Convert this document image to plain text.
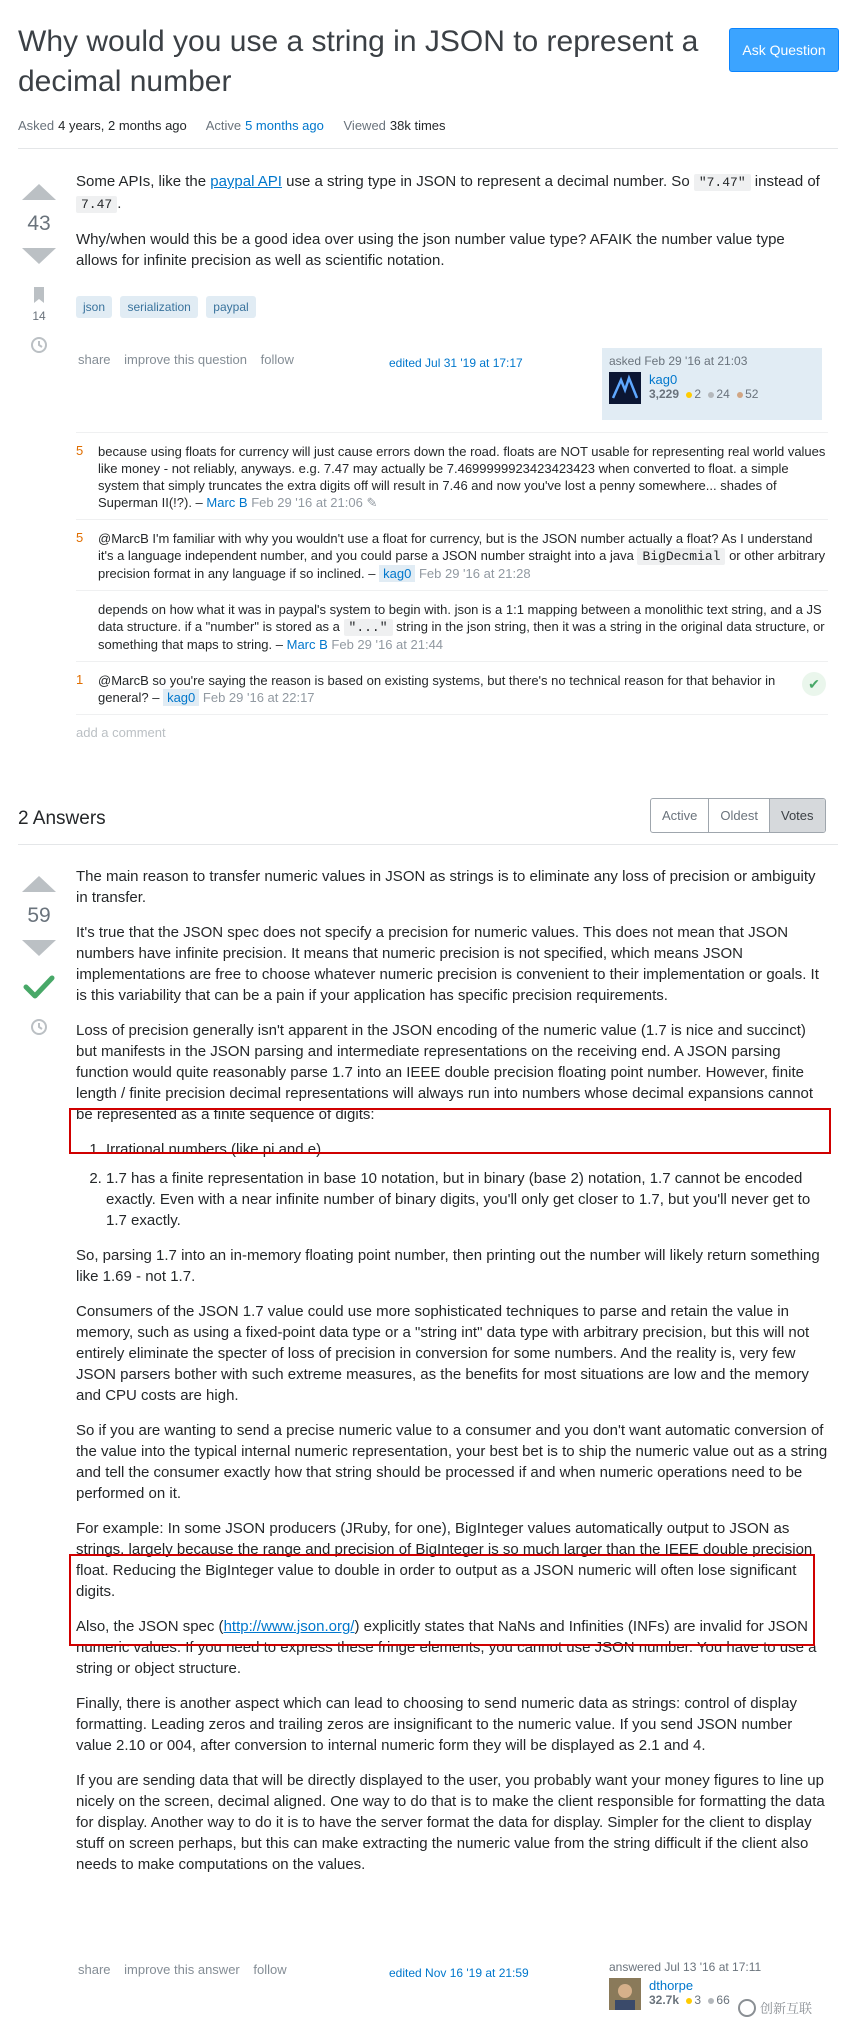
Why would you use a string in JSON to represent a decimal number
Ask Question
Asked 4 years, 2 months ago Active 5 months ago Viewed 38k times
43
14

Some APIs, like the paypal API use a string type in JSON to represent a decimal number. So "7.47" instead of 7.47 .

Why/when would this be a good idea over using the json number value type? AFAIK the number value type allows for infinite precision as well as scientific notation.

json serialization paypal
share improve this question follow	edited Jul 31 '19 at 17:17	asked Feb 29 '16 at 21:03
kag0
3,229 2 24 52
5	because using floats for currency will just cause errors down the road. floats are NOT usable for representing real world values like money - not reliably, anyways. e.g. 7.47 may actually be 7.4699999923423423423 when converted to float. a simple system that simply truncates the extra digits off will result in 7.46 and now you've lost a penny somewhere... shades of Superman II(!?). – Marc B Feb 29 '16 at 21:06 ✎
5	@MarcB I'm familiar with why you wouldn't use a float for currency, but is the JSON number actually a float? As I understand it's a language independent number, and you could parse a JSON number straight into a java BigDecmial or other arbitrary precision format in any language if so inclined. – kag0 Feb 29 '16 at 21:28
depends on how what it was in paypal's system to begin with. json is a 1:1 mapping between a monolithic text string, and a JS data structure. if a "number" is stored as a "..." string in the json string, then it was a string in the original data structure, or something that maps to string. – Marc B Feb 29 '16 at 21:44
1	@MarcB so you're saying the reason is based on existing systems, but there's no technical reason for that behavior in general? – kag0 Feb 29 '16 at 22:17
✔
add a comment
2 Answers	Active	Oldest	Votes
59

The main reason to transfer numeric values in JSON as strings is to eliminate any loss of precision or ambiguity in transfer.

It's true that the JSON spec does not specify a precision for numeric values. This does not mean that JSON numbers have infinite precision. It means that numeric precision is not specified, which means JSON implementations are free to choose whatever numeric precision is convenient to their implementation or goals. It is this variability that can be a pain if your application has specific precision requirements.

Loss of precision generally isn't apparent in the JSON encoding of the numeric value (1.7 is nice and succinct) but manifests in the JSON parsing and intermediate representations on the receiving end. A JSON parsing function would quite reasonably parse 1.7 into an IEEE double precision floating point number. However, finite length / finite precision decimal representations will always run into numbers whose decimal expansions cannot be represented as a finite sequence of digits:

1. Irrational numbers (like pi and e)
2. 1.7 has a finite representation in base 10 notation, but in binary (base 2) notation, 1.7 cannot be encoded exactly. Even with a near infinite number of binary digits, you'll only get closer to 1.7, but you'll never get to 1.7 exactly.

So, parsing 1.7 into an in-memory floating point number, then printing out the number will likely return something like 1.69 - not 1.7.

Consumers of the JSON 1.7 value could use more sophisticated techniques to parse and retain the value in memory, such as using a fixed-point data type or a "string int" data type with arbitrary precision, but this will not entirely eliminate the specter of loss of precision in conversion for some numbers. And the reality is, very few JSON parsers bother with such extreme measures, as the benefits for most situations are low and the memory and CPU costs are high.

So if you are wanting to send a precise numeric value to a consumer and you don't want automatic conversion of the value into the typical internal numeric representation, your best bet is to ship the numeric value out as a string and tell the consumer exactly how that string should be processed if and when numeric operations need to be performed on it.

For example: In some JSON producers (JRuby, for one), BigInteger values automatically output to JSON as strings, largely because the range and precision of BigInteger is so much larger than the IEEE double precision float. Reducing the BigInteger value to double in order to output as a JSON numeric will often lose significant digits.

Also, the JSON spec (http://www.json.org/) explicitly states that NaNs and Infinities (INFs) are invalid for JSON numeric values. If you need to express these fringe elements, you cannot use JSON number. You have to use a string or object structure.

Finally, there is another aspect which can lead to choosing to send numeric data as strings: control of display formatting. Leading zeros and trailing zeros are insignificant to the numeric value. If you send JSON number value 2.10 or 004, after conversion to internal numeric form they will be displayed as 2.1 and 4.

If you are sending data that will be directly displayed to the user, you probably want your money figures to line up nicely on the screen, decimal aligned. One way to do that is to make the client responsible for formatting the data for display. Another way to do it is to have the server format the data for display. Simpler for the client to display stuff on screen perhaps, but this can make extracting the numeric value from the string difficult if the client also needs to make computations on the values.

share improve this answer follow	edited Nov 16 '19 at 21:59	answered Jul 13 '16 at 17:11
dthorpe
32.7k 3 66
创新互联
